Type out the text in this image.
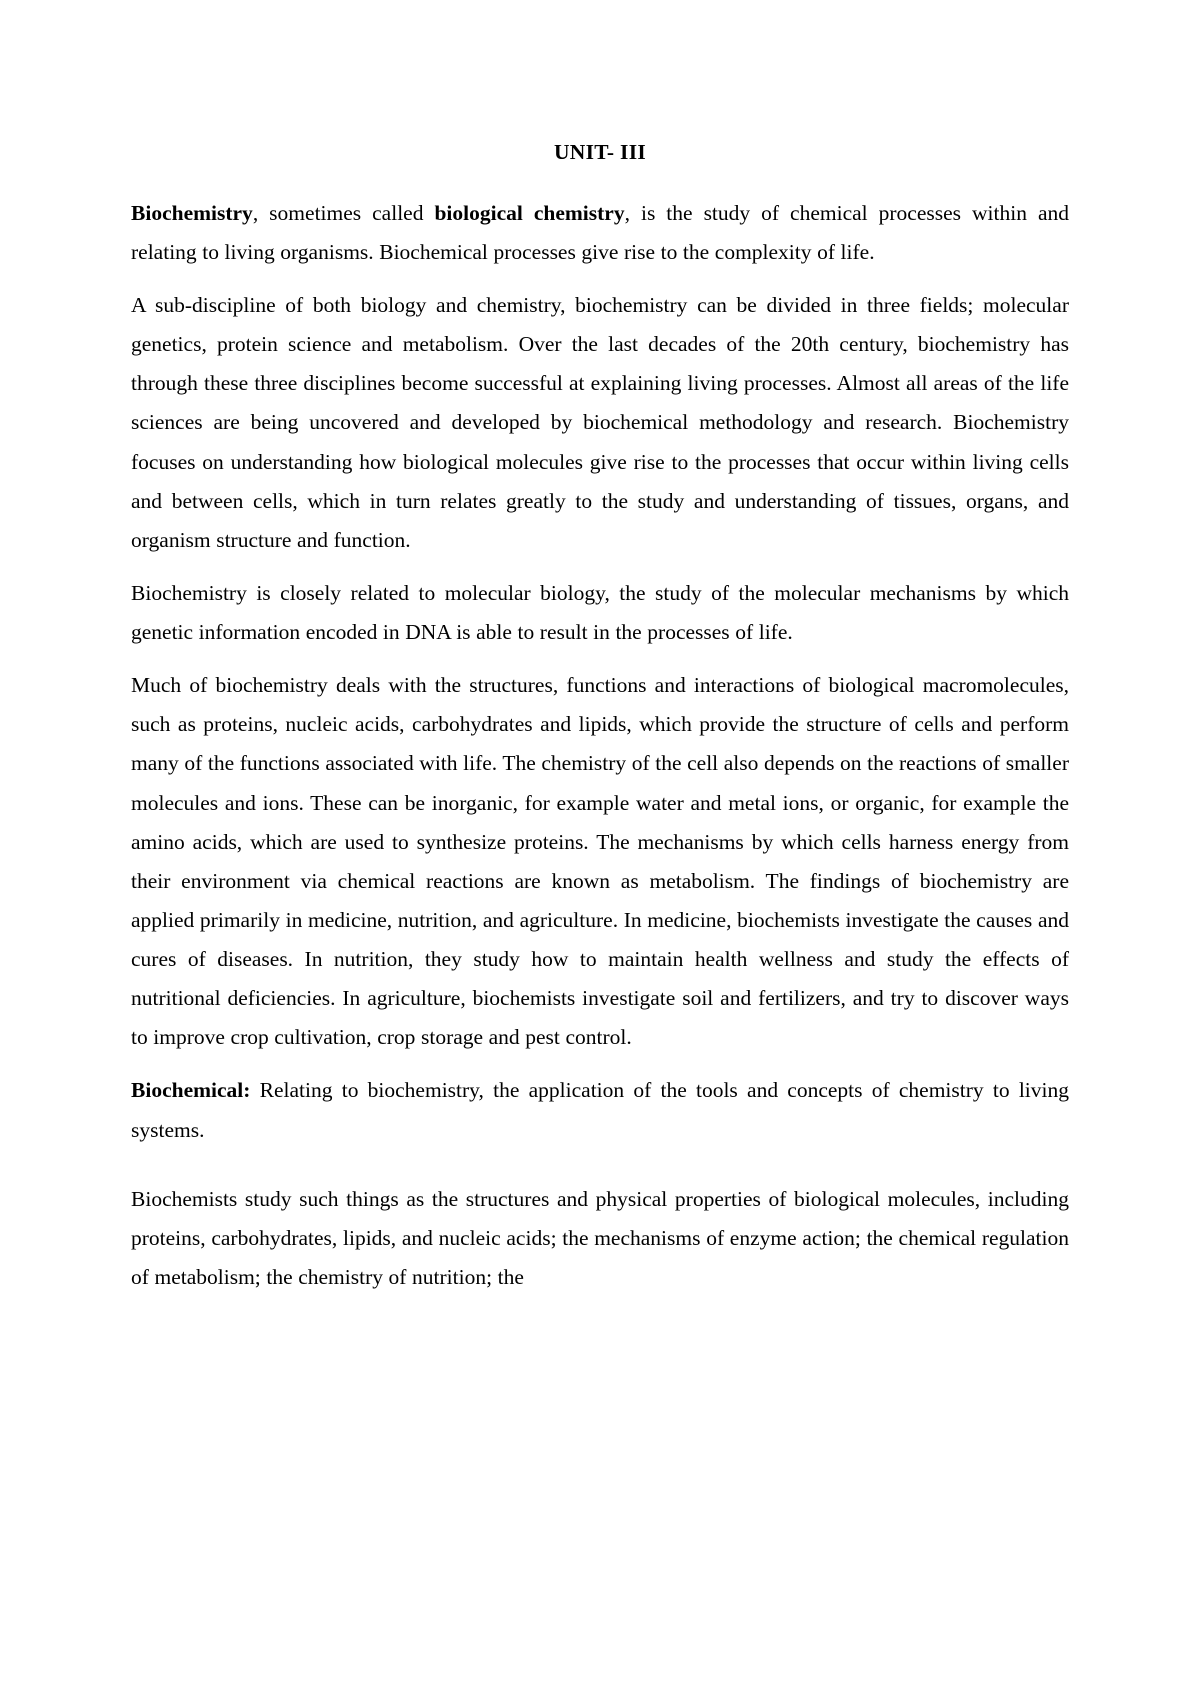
UNIT- III

Biochemistry, sometimes called biological chemistry, is the study of chemical processes within and relating to living organisms. Biochemical processes give rise to the complexity of life.

A sub-discipline of both biology and chemistry, biochemistry can be divided in three fields; molecular genetics, protein science and metabolism. Over the last decades of the 20th century, biochemistry has through these three disciplines become successful at explaining living processes. Almost all areas of the life sciences are being uncovered and developed by biochemical methodology and research. Biochemistry focuses on understanding how biological molecules give rise to the processes that occur within living cells and between cells, which in turn relates greatly to the study and understanding of tissues, organs, and organism structure and function.

Biochemistry is closely related to molecular biology, the study of the molecular mechanisms by which genetic information encoded in DNA is able to result in the processes of life.

Much of biochemistry deals with the structures, functions and interactions of biological macromolecules, such as proteins, nucleic acids, carbohydrates and lipids, which provide the structure of cells and perform many of the functions associated with life. The chemistry of the cell also depends on the reactions of smaller molecules and ions. These can be inorganic, for example water and metal ions, or organic, for example the amino acids, which are used to synthesize proteins. The mechanisms by which cells harness energy from their environment via chemical reactions are known as metabolism. The findings of biochemistry are applied primarily in medicine, nutrition, and agriculture. In medicine, biochemists investigate the causes and cures of diseases. In nutrition, they study how to maintain health wellness and study the effects of nutritional deficiencies. In agriculture, biochemists investigate soil and fertilizers, and try to discover ways to improve crop cultivation, crop storage and pest control.

Biochemical: Relating to biochemistry, the application of the tools and concepts of chemistry to living systems.

Biochemists study such things as the structures and physical properties of biological molecules, including proteins, carbohydrates, lipids, and nucleic acids; the mechanisms of enzyme action; the chemical regulation of metabolism; the chemistry of nutrition; the
